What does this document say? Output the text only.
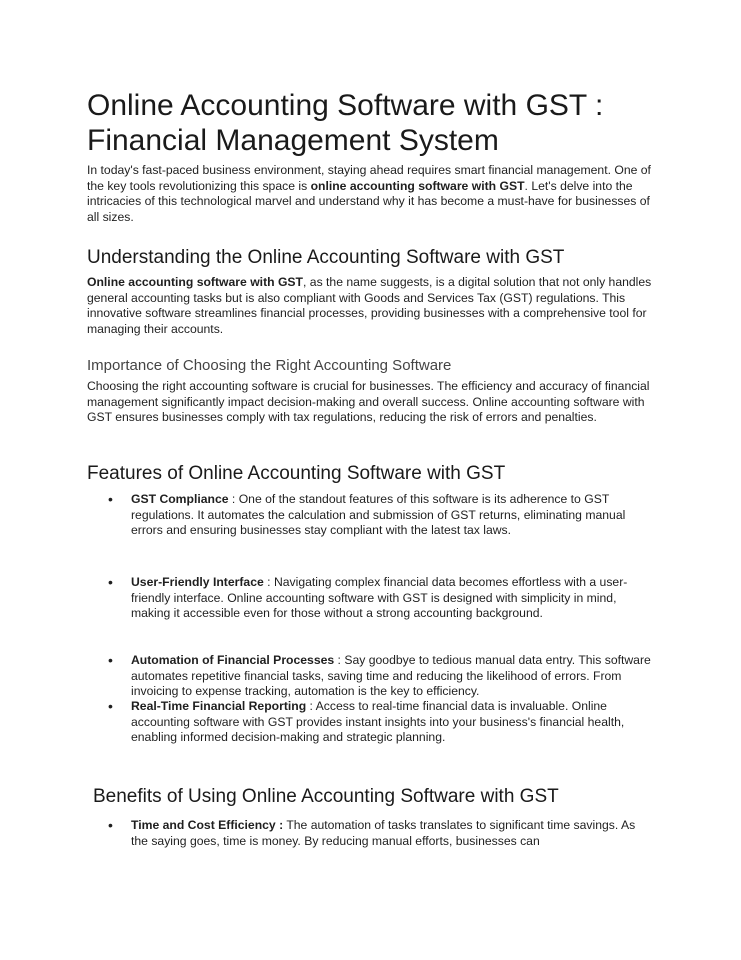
Online Accounting Software with GST : Financial Management System

In today's fast-paced business environment, staying ahead requires smart financial management. One of the key tools revolutionizing this space is online accounting software with GST. Let's delve into the intricacies of this technological marvel and understand why it has become a must-have for businesses of all sizes.

Understanding the Online Accounting Software with GST

Online accounting software with GST, as the name suggests, is a digital solution that not only handles general accounting tasks but is also compliant with Goods and Services Tax (GST) regulations. This innovative software streamlines financial processes, providing businesses with a comprehensive tool for managing their accounts.

Importance of Choosing the Right Accounting Software

Choosing the right accounting software is crucial for businesses. The efficiency and accuracy of financial management significantly impact decision-making and overall success. Online accounting software with GST ensures businesses comply with tax regulations, reducing the risk of errors and penalties.

Features of Online Accounting Software with GST
• GST Compliance : One of the standout features of this software is its adherence to GST regulations. It automates the calculation and submission of GST returns, eliminating manual errors and ensuring businesses stay compliant with the latest tax laws.
• User-Friendly Interface : Navigating complex financial data becomes effortless with a user-friendly interface. Online accounting software with GST is designed with simplicity in mind, making it accessible even for those without a strong accounting background.
• Automation of Financial Processes : Say goodbye to tedious manual data entry. This software automates repetitive financial tasks, saving time and reducing the likelihood of errors. From invoicing to expense tracking, automation is the key to efficiency.
• Real-Time Financial Reporting : Access to real-time financial data is invaluable. Online accounting software with GST provides instant insights into your business's financial health, enabling informed decision-making and strategic planning.
Benefits of Using Online Accounting Software with GST
• Time and Cost Efficiency : The automation of tasks translates to significant time savings. As the saying goes, time is money. By reducing manual efforts, businesses can
